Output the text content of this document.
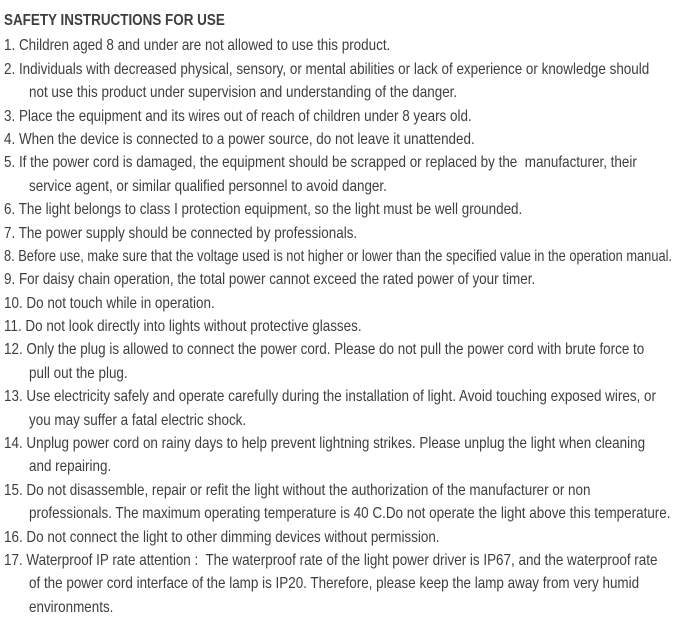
SAFETY INSTRUCTIONS FOR USE
1. Children aged 8 and under are not allowed to use this product.
2. Individuals with decreased physical, sensory, or mental abilities or lack of experience or knowledge should
not use this product under supervision and understanding of the danger.
3. Place the equipment and its wires out of reach of children under 8 years old.
4. When the device is connected to a power source, do not leave it unattended.
5. If the power cord is damaged, the equipment should be scrapped or replaced by the  manufacturer, their
service agent, or similar qualified personnel to avoid danger.
6. The light belongs to class I protection equipment, so the light must be well grounded.
7. The power supply should be connected by professionals.
8. Before use, make sure that the voltage used is not higher or lower than the specified value in the operation manual.
9. For daisy chain operation, the total power cannot exceed the rated power of your timer.
10. Do not touch while in operation.
11. Do not look directly into lights without protective glasses.
12. Only the plug is allowed to connect the power cord. Please do not pull the power cord with brute force to
pull out the plug.
13. Use electricity safely and operate carefully during the installation of light. Avoid touching exposed wires, or
you may suffer a fatal electric shock.
14. Unplug power cord on rainy days to help prevent lightning strikes. Please unplug the light when cleaning
and repairing.
15. Do not disassemble, repair or refit the light without the authorization of the manufacturer or non
professionals. The maximum operating temperature is 40 C.Do not operate the light above this temperature.
16. Do not connect the light to other dimming devices without permission.
17. Waterproof IP rate attention :  The waterproof rate of the light power driver is IP67, and the waterproof rate
of the power cord interface of the lamp is IP20. Therefore, please keep the lamp away from very humid
environments.
